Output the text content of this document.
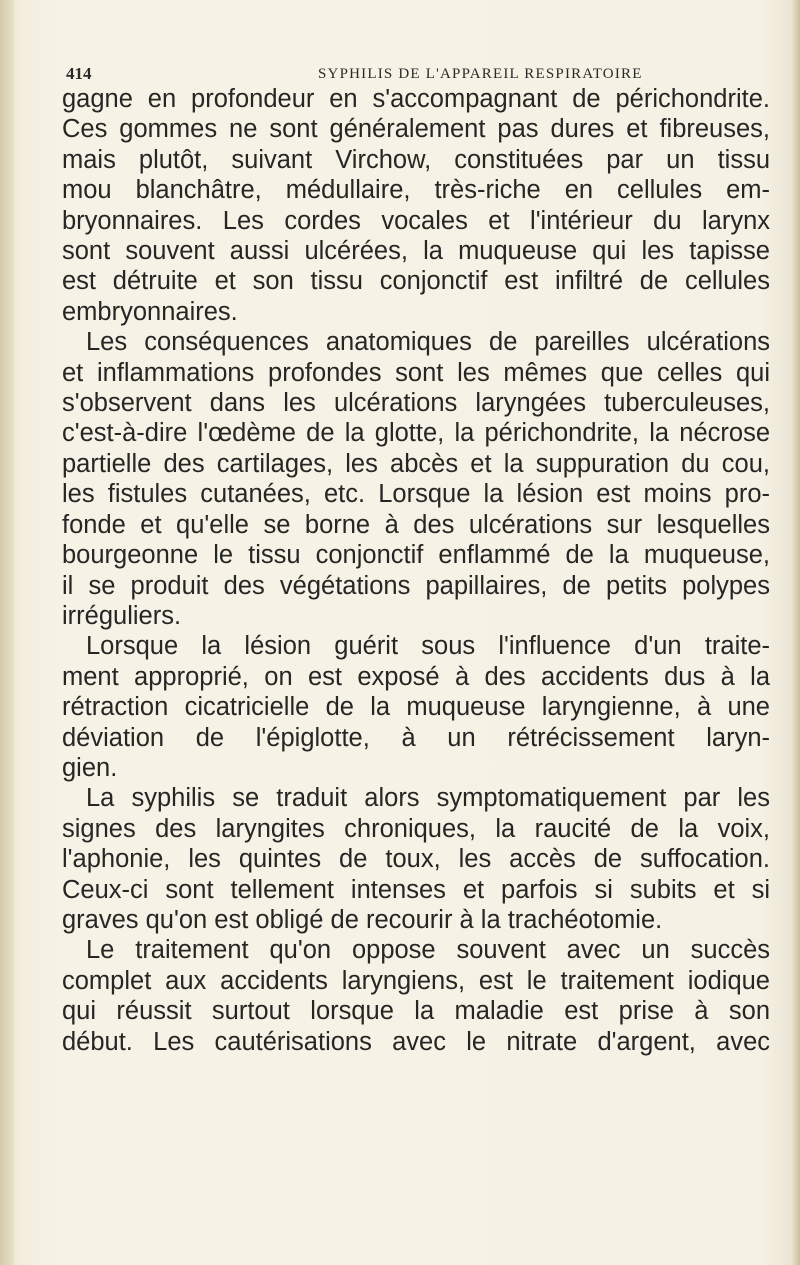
414	SYPHILIS DE L'APPAREIL RESPIRATOIRE
gagne en profondeur en s'accompagnant de périchondrite.
Ces gommes ne sont généralement pas dures et fibreuses,
mais plutôt, suivant Virchow, constituées par un tissu
mou blanchâtre, médullaire, très-riche en cellules em-
bryonnaires. Les cordes vocales et l'intérieur du larynx
sont souvent aussi ulcérées, la muqueuse qui les tapisse
est détruite et son tissu conjonctif est infiltré de cellules
embryonnaires.
Les conséquences anatomiques de pareilles ulcérations
et inflammations profondes sont les mêmes que celles qui
s'observent dans les ulcérations laryngées tuberculeuses,
c'est-à-dire l'œdème de la glotte, la périchondrite, la nécrose
partielle des cartilages, les abcès et la suppuration du cou,
les fistules cutanées, etc. Lorsque la lésion est moins pro-
fonde et qu'elle se borne à des ulcérations sur lesquelles
bourgeonne le tissu conjonctif enflammé de la muqueuse,
il se produit des végétations papillaires, de petits polypes
irréguliers.
Lorsque la lésion guérit sous l'influence d'un traite-
ment approprié, on est exposé à des accidents dus à la
rétraction cicatricielle de la muqueuse laryngienne, à une
déviation de l'épiglotte, à un rétrécissement laryn-
gien.
La syphilis se traduit alors symptomatiquement par les
signes des laryngites chroniques, la raucité de la voix,
l'aphonie, les quintes de toux, les accès de suffocation.
Ceux-ci sont tellement intenses et parfois si subits et si
graves qu'on est obligé de recourir à la trachéotomie.
Le traitement qu'on oppose souvent avec un succès
complet aux accidents laryngiens, est le traitement iodique
qui réussit surtout lorsque la maladie est prise à son
début. Les cautérisations avec le nitrate d'argent, avec
